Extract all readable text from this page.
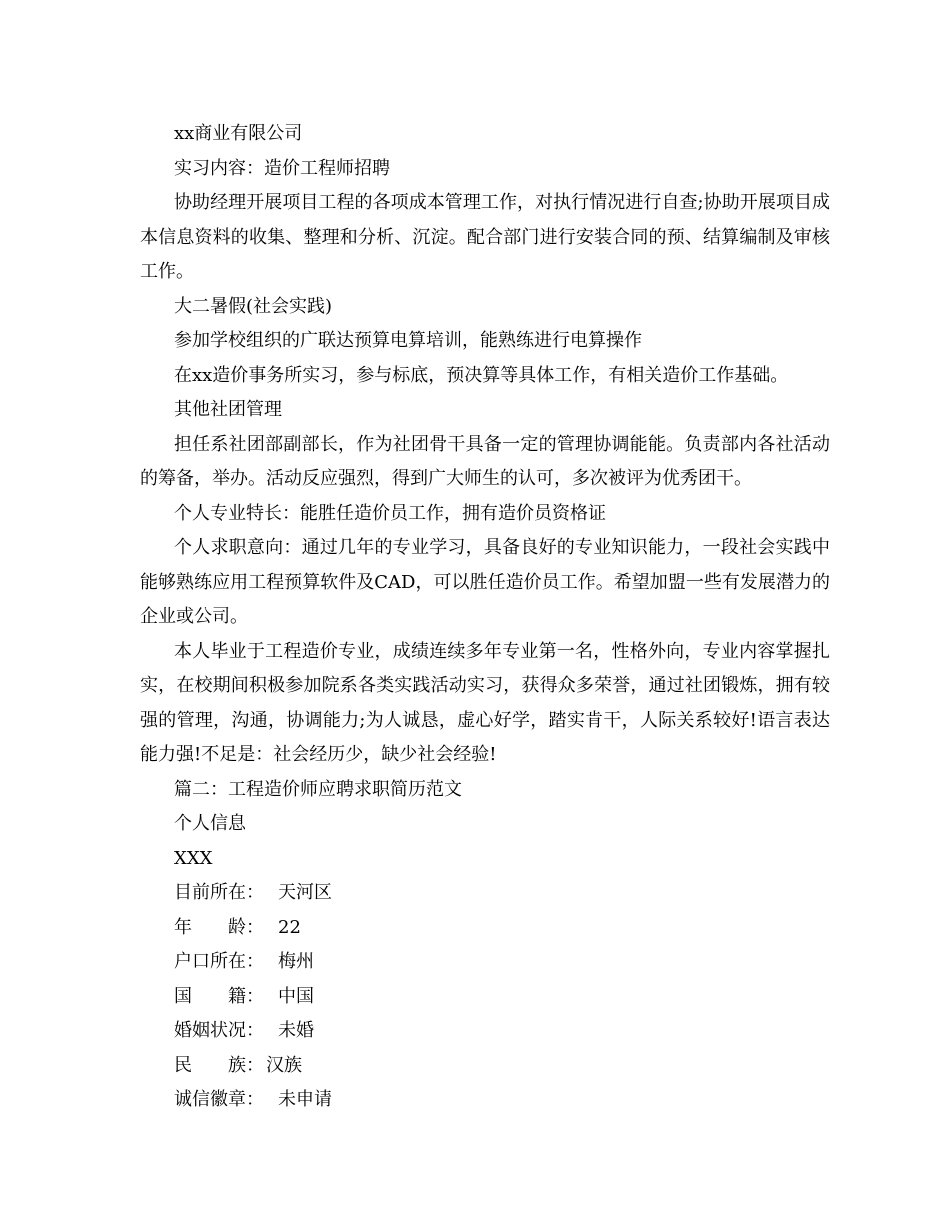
xx商业有限公司

实习内容：造价工程师招聘

协助经理开展项目工程的各项成本管理工作，对执行情况进行自查;协助开展项目成本信息资料的收集、整理和分析、沉淀。配合部门进行安装合同的预、结算编制及审核工作。

大二暑假(社会实践)

参加学校组织的广联达预算电算培训，能熟练进行电算操作

在xx造价事务所实习，参与标底，预决算等具体工作，有相关造价工作基础。

其他社团管理

担任系社团部副部长，作为社团骨干具备一定的管理协调能能。负责部内各社活动的筹备，举办。活动反应强烈，得到广大师生的认可，多次被评为优秀团干。

个人专业特长：能胜任造价员工作，拥有造价员资格证

个人求职意向：通过几年的专业学习，具备良好的专业知识能力，一段社会实践中能够熟练应用工程预算软件及CAD，可以胜任造价员工作。希望加盟一些有发展潜力的企业或公司。

本人毕业于工程造价专业，成绩连续多年专业第一名，性格外向，专业内容掌握扎实，在校期间积极参加院系各类实践活动实习，获得众多荣誉，通过社团锻炼，拥有较强的管理，沟通，协调能力;为人诚恳，虚心好学，踏实肯干，人际关系较好!语言表达能力强!不足是：社会经历少，缺少社会经验!

篇二：工程造价师应聘求职简历范文

个人信息

XXX

目前所在： 天河区
年　　龄： 22
户口所在： 梅州
国　　籍： 中国
婚姻状况： 未婚
民　　族： 汉族
诚信徽章： 未申请
